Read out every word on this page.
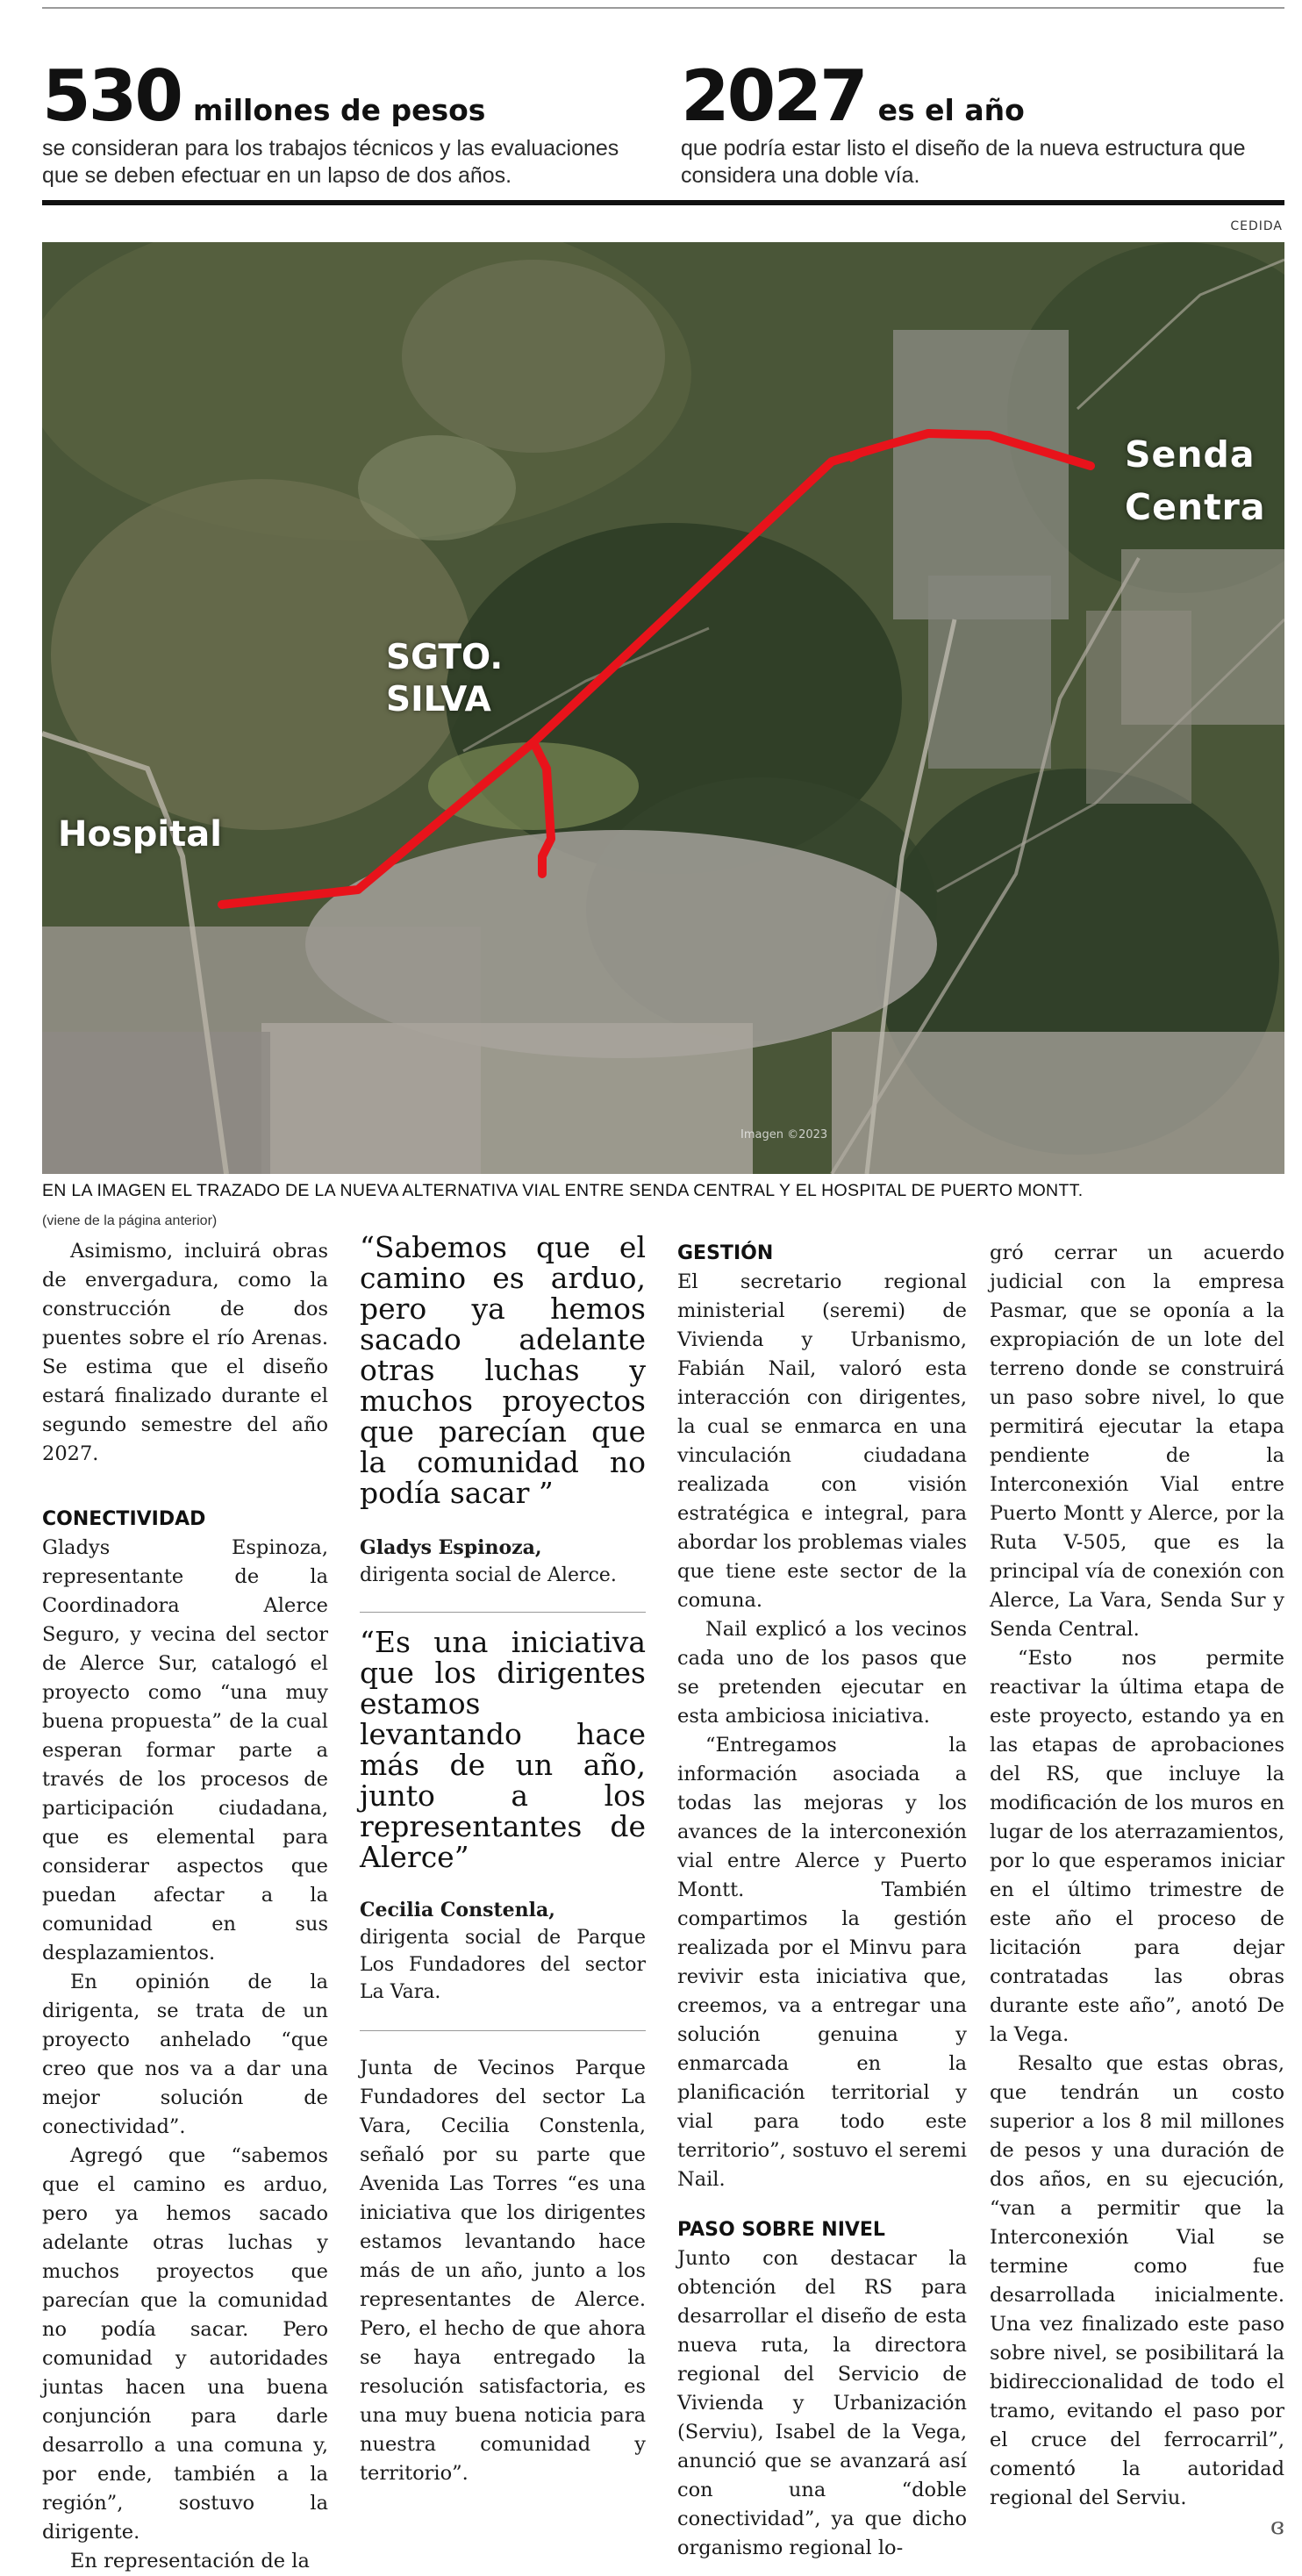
530 millones de pesos
se consideran para los trabajos técnicos y las evaluaciones
que se deben efectuar en un lapso de dos años.
2027 es el año
que podría estar listo el diseño de la nueva estructura que
considera una doble vía.
CEDIDA
Hospital
SGTO.
SILVA
Senda
Centra
Imagen ©2023
EN LA IMAGEN EL TRAZADO DE LA NUEVA ALTERNATIVA VIAL ENTRE SENDA CENTRAL Y EL HOSPITAL DE PUERTO MONTT.
(viene de la página anterior)

Asimismo, incluirá obras de envergadura, como la construcción de dos puentes sobre el río Arenas. Se estima que el diseño estará finalizado durante el segundo semestre del año 2027.

CONECTIVIDAD

Gladys Espinoza, representante de la Coordinadora Alerce Seguro, y vecina del sector de Alerce Sur, catalogó el proyecto como “una muy buena propuesta” de la cual esperan formar parte a través de los procesos de participación ciudadana, que es elemental para considerar aspectos que puedan afectar a la comunidad en sus desplazamientos.

En opinión de la dirigenta, se trata de un proyecto anhelado “que creo que nos va a dar una mejor solución de conectividad”.

Agregó que “sabemos que el camino es arduo, pero ya hemos sacado adelante otras luchas y muchos proyectos que parecían que la comunidad no podía sacar. Pero comunidad y autoridades juntas hacen una buena conjunción para darle desarrollo a una comuna y, por ende, también a la región”, sostuvo la dirigente.

En representación de la

“Sabemos que el camino es arduo, pero ya hemos sacado adelante otras luchas y muchos proyectos que parecían que la comunidad no podía sacar ”

Gladys Espinoza,

dirigenta social de Alerce.

“Es una iniciativa que los dirigentes estamos levantando hace más de un año, junto a los representantes de Alerce”

Cecilia Constenla,

dirigenta social de Parque Los Fundadores del sector La Vara.

Junta de Vecinos Parque Fundadores del sector La Vara, Cecilia Constenla, señaló por su parte que Avenida Las Torres “es una iniciativa que los dirigentes estamos levantando hace más de un año, junto a los representantes de Alerce. Pero, el hecho de que ahora se haya entregado la resolución satisfactoria, es una muy buena noticia para nuestra comunidad y territorio”.

GESTIÓN

El secretario regional ministerial (seremi) de Vivienda y Urbanismo, Fabián Nail, valoró esta interacción con dirigentes, la cual se enmarca en una vinculación ciudadana realizada con visión estratégica e integral, para abordar los problemas viales que tiene este sector de la comuna.

Nail explicó a los vecinos cada uno de los pasos que se pretenden ejecutar en esta ambiciosa iniciativa.

“Entregamos la información asociada a todas las mejoras y los avances de la interconexión vial entre Alerce y Puerto Montt. También compartimos la gestión realizada por el Minvu para revivir esta iniciativa que, creemos, va a entregar una solución genuina y enmarcada en la planificación territorial y vial para todo este territorio”, sostuvo el seremi Nail.

PASO SOBRE NIVEL

Junto con destacar la obtención del RS para desarrollar el diseño de esta nueva ruta, la directora regional del Servicio de Vivienda y Urbanización (Serviu), Isabel de la Vega, anunció que se avanzará así con una “doble conectividad”, ya que dicho organismo regional lo-

gró cerrar un acuerdo judicial con la empresa Pasmar, que se oponía a la expropiación de un lote del terreno donde se construirá un paso sobre nivel, lo que permitirá ejecutar la etapa pendiente de la Interconexión Vial entre Puerto Montt y Alerce, por la Ruta V-505, que es la principal vía de conexión con Alerce, La Vara, Senda Sur y Senda Central.

“Esto nos permite reactivar la última etapa de este proyecto, estando ya en las etapas de aprobaciones del RS, que incluye la modificación de los muros en lugar de los aterrazamientos, por lo que esperamos iniciar en el último trimestre de este año el proceso de licitación para dejar contratadas las obras durante este año”, anotó De la Vega.

Resalto que estas obras, que tendrán un costo superior a los 8 mil millones de pesos y una duración de dos años, en su ejecución, “van a permitir que la Interconexión Vial se termine como fue desarrollada inicialmente. Una vez finalizado este paso sobre nivel, se posibilitará la bidireccionalidad de todo el tramo, evitando el paso por el cruce del ferrocarril”, comentó la autoridad regional del Serviu.

ɞ
